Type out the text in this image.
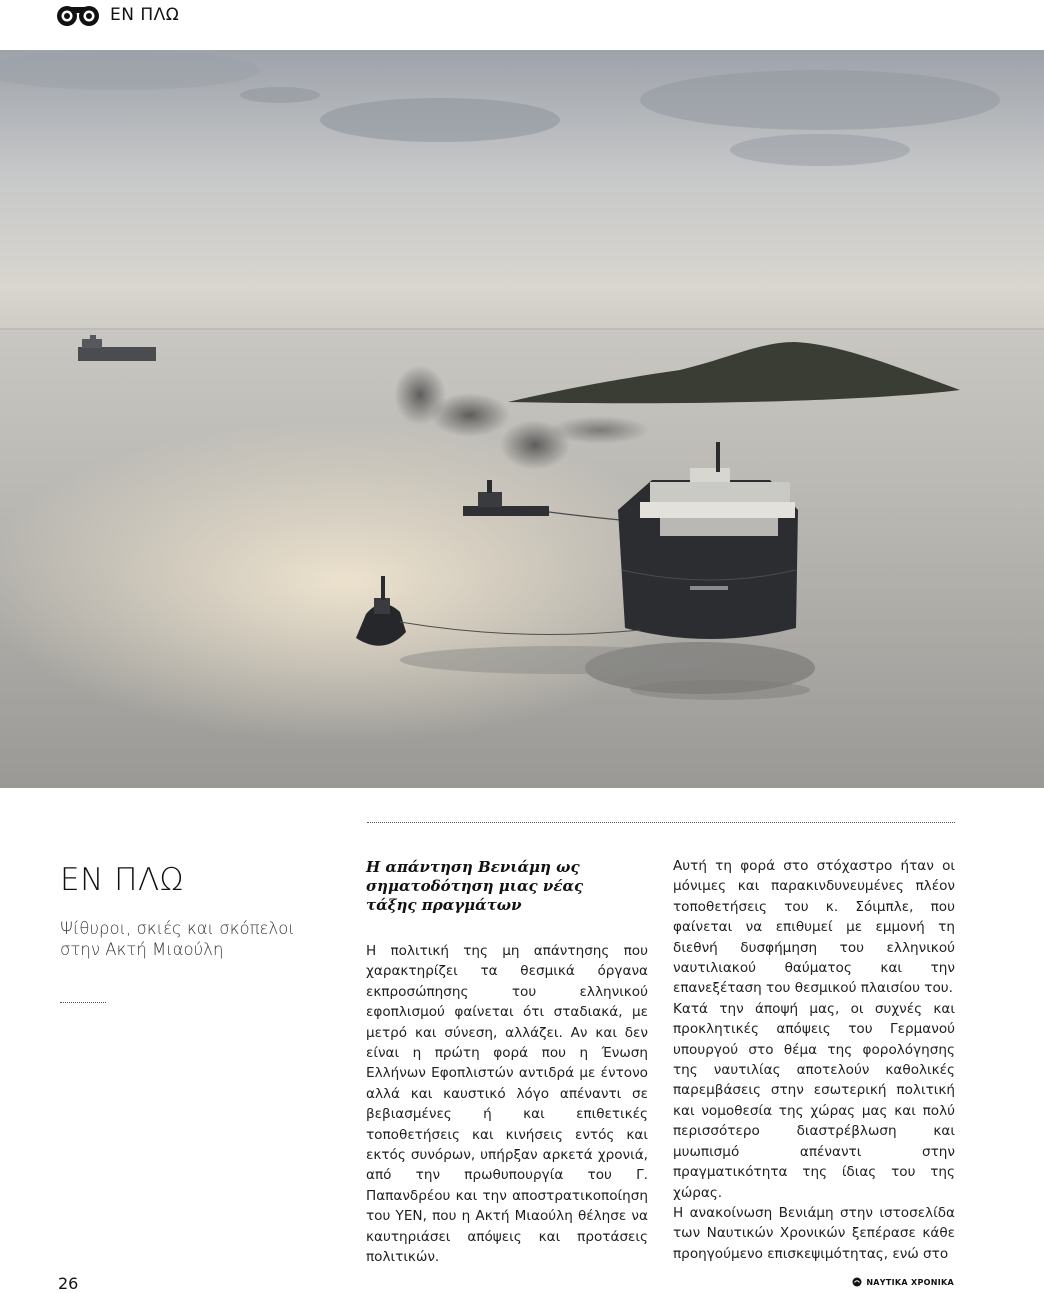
ΕΝ ΠΛΩ
ΕΝ ΠΛΩ
Ψίθυροι, σκιές και σκόπελοι
στην Ακτή Μιαούλη
Η απάντηση Βενιάμη ως
σηματοδότηση μιας νέας
τάξης πραγμάτων

Η πολιτική της μη απάντησης που χαρακτηρίζει τα θεσμικά όργανα εκπροσώπησης του ελληνικού εφοπλισμού φαίνεται ότι σταδιακά, με μετρό και σύνεση, αλλάζει. Αν και δεν είναι η πρώτη φορά που η Ένωση Ελλήνων Εφοπλιστών αντιδρά με έντονο αλλά και καυστικό λόγο απέναντι σε βεβιασμένες ή και επιθετικές τοποθετήσεις και κινήσεις εντός και εκτός συνόρων, υπήρξαν αρκετά χρονιά, από την πρωθυπουργία του Γ. Παπανδρέου και την αποστρατικοποίηση του ΥΕΝ, που η Ακτή Μιαούλη θέλησε να καυτηριάσει απόψεις και προτάσεις πολιτικών.

Αυτή τη φορά στο στόχαστρο ήταν οι μόνιμες και παρακινδυνευμένες πλέον τοποθετήσεις του κ. Σόιμπλε, που φαίνεται να επιθυμεί με εμμονή τη διεθνή δυσφήμηση του ελληνικού ναυτιλιακού θαύματος και την επανεξέταση του θεσμικού πλαισίου του.

Κατά την άποψή μας, οι συχνές και προκλητικές απόψεις του Γερμανού υπουργού στο θέμα της φορολόγησης της ναυτιλίας αποτελούν καθολικές παρεμβάσεις στην εσωτερική πολιτική και νομοθεσία της χώρας μας και πολύ περισσότερο διαστρέβλωση και μυωπισμό απέναντι στην πραγματικότητα της ίδιας του της χώρας.

Η ανακοίνωση Βενιάμη στην ιστοσελίδα των Ναυτικών Χρονικών ξεπέρασε κάθε προηγούμενο επισκεψιμότητας, ενώ στο

26	ΝΑΥΤΙΚΑ ΧΡΟΝΙΚΑ
